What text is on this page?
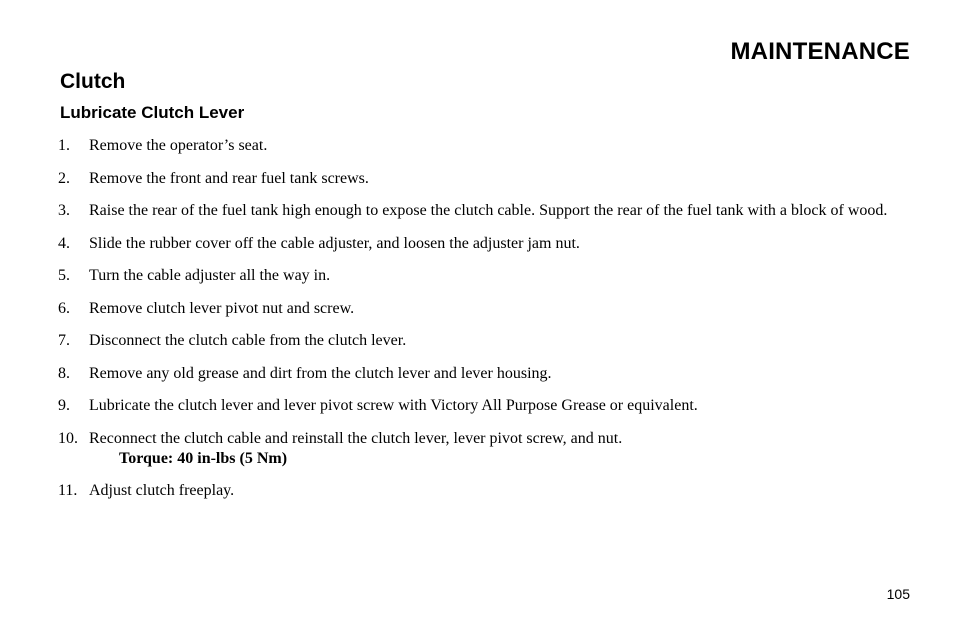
MAINTENANCE
Clutch
Lubricate Clutch Lever
1. Remove the operator’s seat.
2. Remove the front and rear fuel tank screws.
3. Raise the rear of the fuel tank high enough to expose the clutch cable. Support the rear of the fuel tank with a block of wood.
4. Slide the rubber cover off the cable adjuster, and loosen the adjuster jam nut.
5. Turn the cable adjuster all the way in.
6. Remove clutch lever pivot nut and screw.
7. Disconnect the clutch cable from the clutch lever.
8. Remove any old grease and dirt from the clutch lever and lever housing.
9. Lubricate the clutch lever and lever pivot screw with Victory All Purpose Grease or equivalent.
10. Reconnect the clutch cable and reinstall the clutch lever, lever pivot screw, and nut.
Torque: 40 in-lbs (5 Nm)
11. Adjust clutch freeplay.
105
